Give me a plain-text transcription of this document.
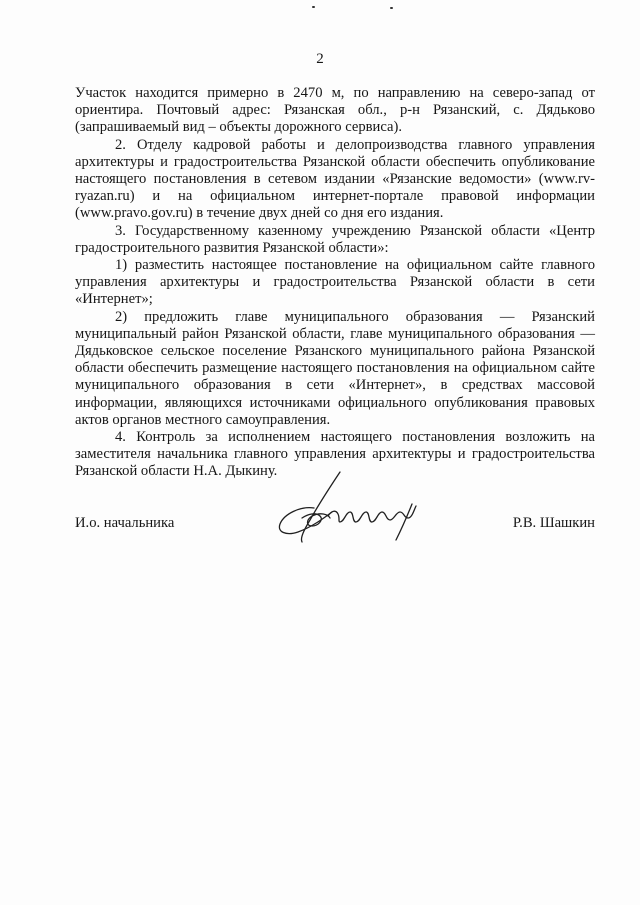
2

Участок находится примерно в 2470 м, по направлению на северо-запад от ориентира. Почтовый адрес: Рязанская обл., р-н Рязанский, с. Дядьково (запрашиваемый вид – объекты дорожного сервиса).

2. Отделу кадровой работы и делопроизводства главного управления архитектуры и градостроительства Рязанской области обеспечить опубликование настоящего постановления в сетевом издании «Рязанские ведомости» (www.rv-ryazan.ru) и на официальном интернет-портале правовой информации (www.pravo.gov.ru) в течение двух дней со дня его издания.

3. Государственному казенному учреждению Рязанской области «Центр градостроительного развития Рязанской области»:

1) разместить настоящее постановление на официальном сайте главного управления архитектуры и градостроительства Рязанской области в сети «Интернет»;

2) предложить главе муниципального образования — Рязанский муниципальный район Рязанской области, главе муниципального образования — Дядьковское сельское поселение Рязанского муниципального района Рязанской области обеспечить размещение настоящего постановления на официальном сайте муниципального образования в сети «Интернет», в средствах массовой информации, являющихся источниками официального опубликования правовых актов органов местного самоуправления.

4. Контроль за исполнением настоящего постановления возложить на заместителя начальника главного управления архитектуры и градостроительства Рязанской области Н.А. Дыкину.

И.о. начальника	Р.В. Шашкин
